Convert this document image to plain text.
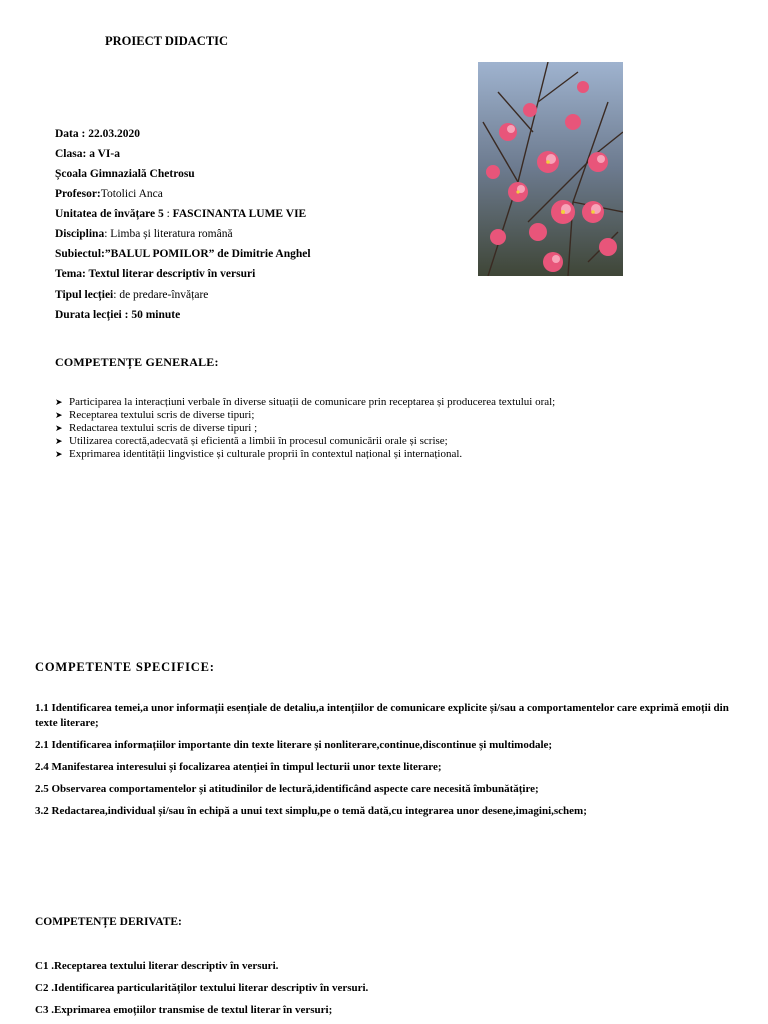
PROIECT DIDACTIC
Data : 22.03.2020
Clasa: a VI-a
Școala Gimnazială Chetrosu
Profesor:Totolici Anca
Unitatea de învățare 5 : FASCINANTA LUME VIE
Disciplina: Limba și literatura română
Subiectul:”BALUL POMILOR” de Dimitrie Anghel
Tema: Textul literar descriptiv în versuri
Tipul lecției: de predare-învățare
Durata lecției : 50 minute
COMPETENȚE GENERALE:
➤ Participarea la interacțiuni verbale în diverse situații de comunicare prin receptarea și producerea textului oral;
➤ Receptarea textului scris de diverse tipuri;
➤ Redactarea textului scris de diverse tipuri ;
➤ Utilizarea corectă,adecvată și eficientă a limbii în procesul comunicării orale și scrise;
➤ Exprimarea identității lingvistice și culturale proprii în contextul național și internațional.
COMPETENTE SPECIFICE:
1.1 Identificarea temei,a unor informații esențiale de detaliu,a intențiilor de comunicare explicite și/sau a comportamentelor care exprimă emoții din texte literare;
2.1 Identificarea informațiilor importante din texte literare și nonliterare,continue,discontinue și multimodale;
2.4 Manifestarea interesului și focalizarea atenției în timpul lecturii unor texte literare;
2.5 Observarea comportamentelor și atitudinilor de lectură,identificând aspecte care necesită îmbunătățire;
3.2 Redactarea,individual și/sau în echipă a unui text simplu,pe o temă dată,cu integrarea unor desene,imagini,schem;
COMPETENȚE DERIVATE:
C1 .Receptarea textului literar descriptiv în versuri.
C2 .Identificarea particularităților textului literar descriptiv în versuri.
C3 .Exprimarea emoțiilor transmise de textul literar în versuri;
